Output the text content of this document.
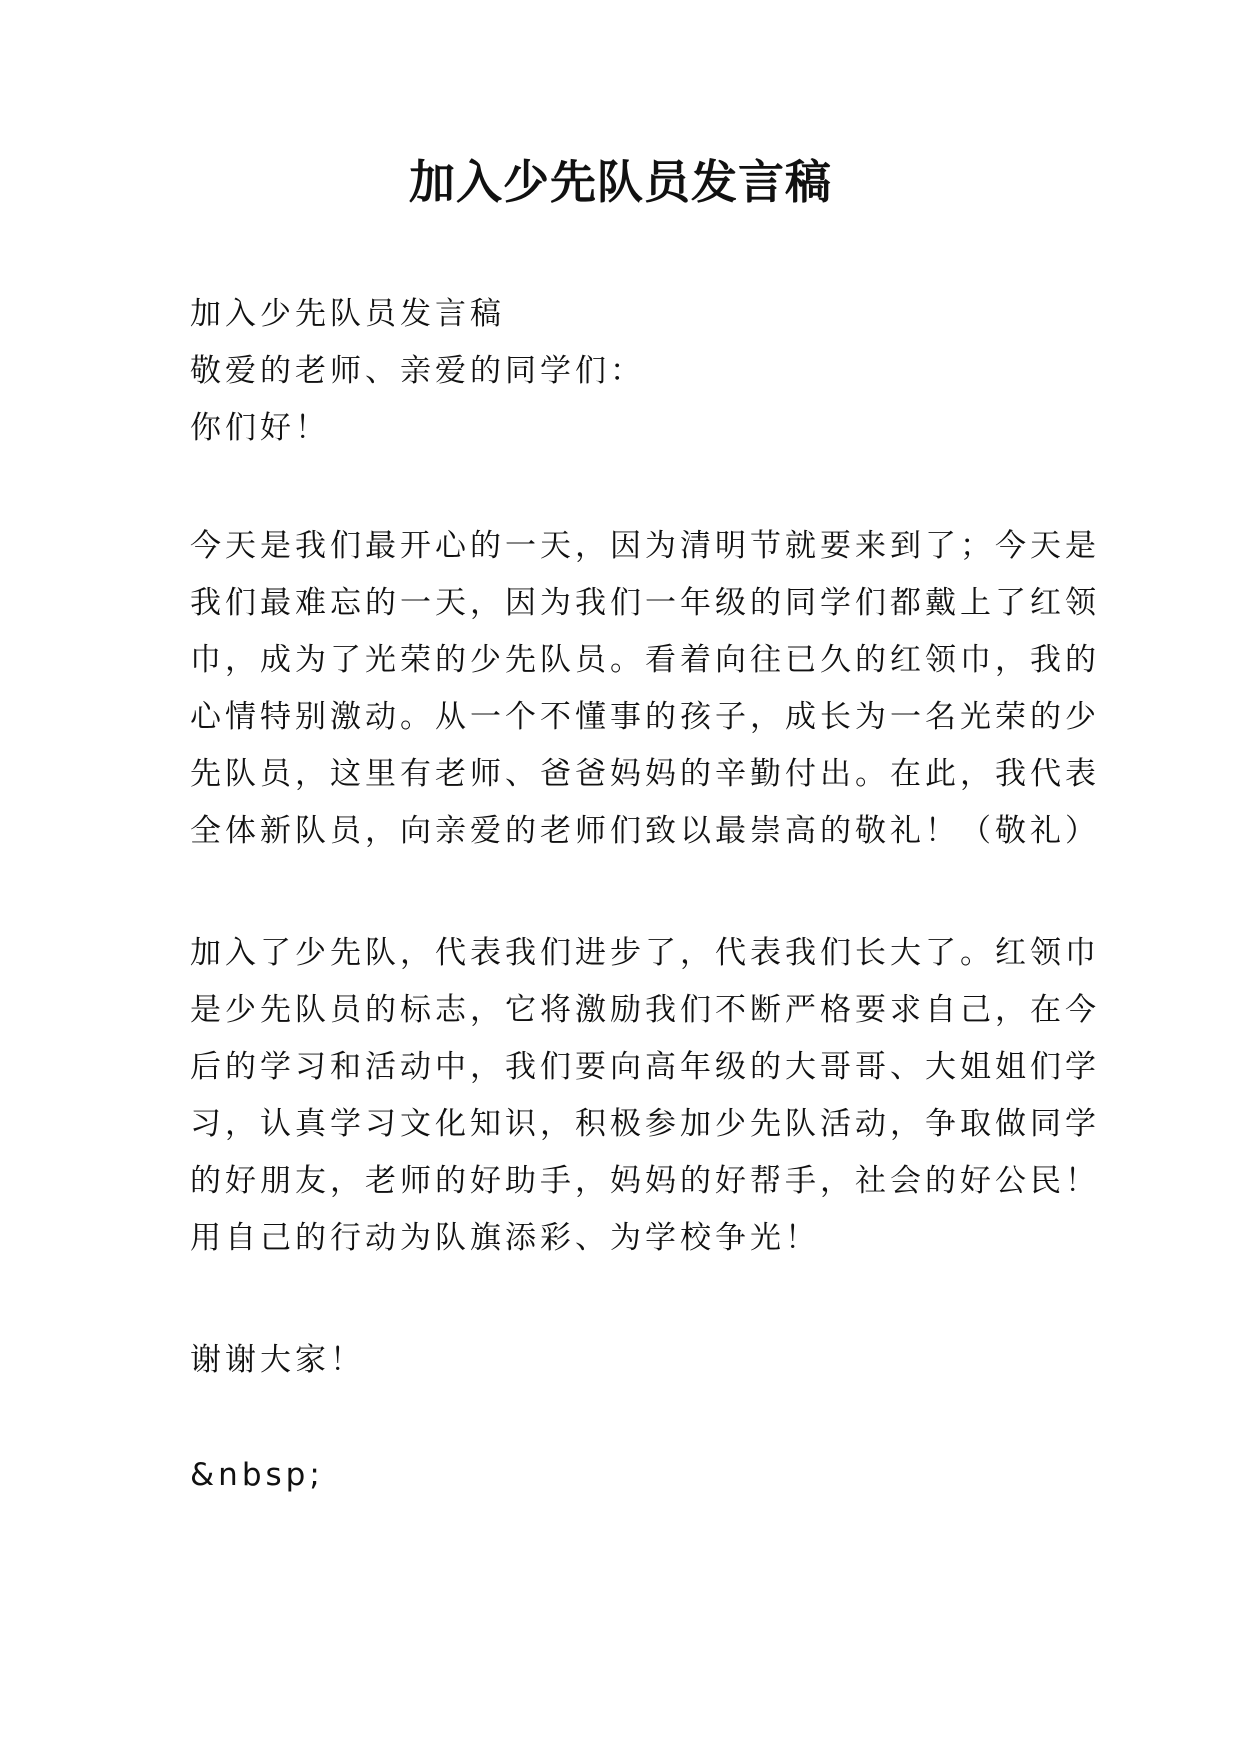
加入少先队员发言稿
加入少先队员发言稿
敬爱的老师、亲爱的同学们：
你们好！
今天是我们最开心的一天，因为清明节就要来到了；今天是
我们最难忘的一天，因为我们一年级的同学们都戴上了红领
巾，成为了光荣的少先队员。看着向往已久的红领巾，我的
心情特别激动。从一个不懂事的孩子，成长为一名光荣的少
先队员，这里有老师、爸爸妈妈的辛勤付出。在此，我代表
全体新队员，向亲爱的老师们致以最崇高的敬礼！（敬礼）
加入了少先队，代表我们进步了，代表我们长大了。红领巾
是少先队员的标志，它将激励我们不断严格要求自己，在今
后的学习和活动中，我们要向高年级的大哥哥、大姐姐们学
习，认真学习文化知识，积极参加少先队活动，争取做同学
的好朋友，老师的好助手，妈妈的好帮手，社会的好公民！
用自己的行动为队旗添彩、为学校争光！
谢谢大家！
&nbsp;
